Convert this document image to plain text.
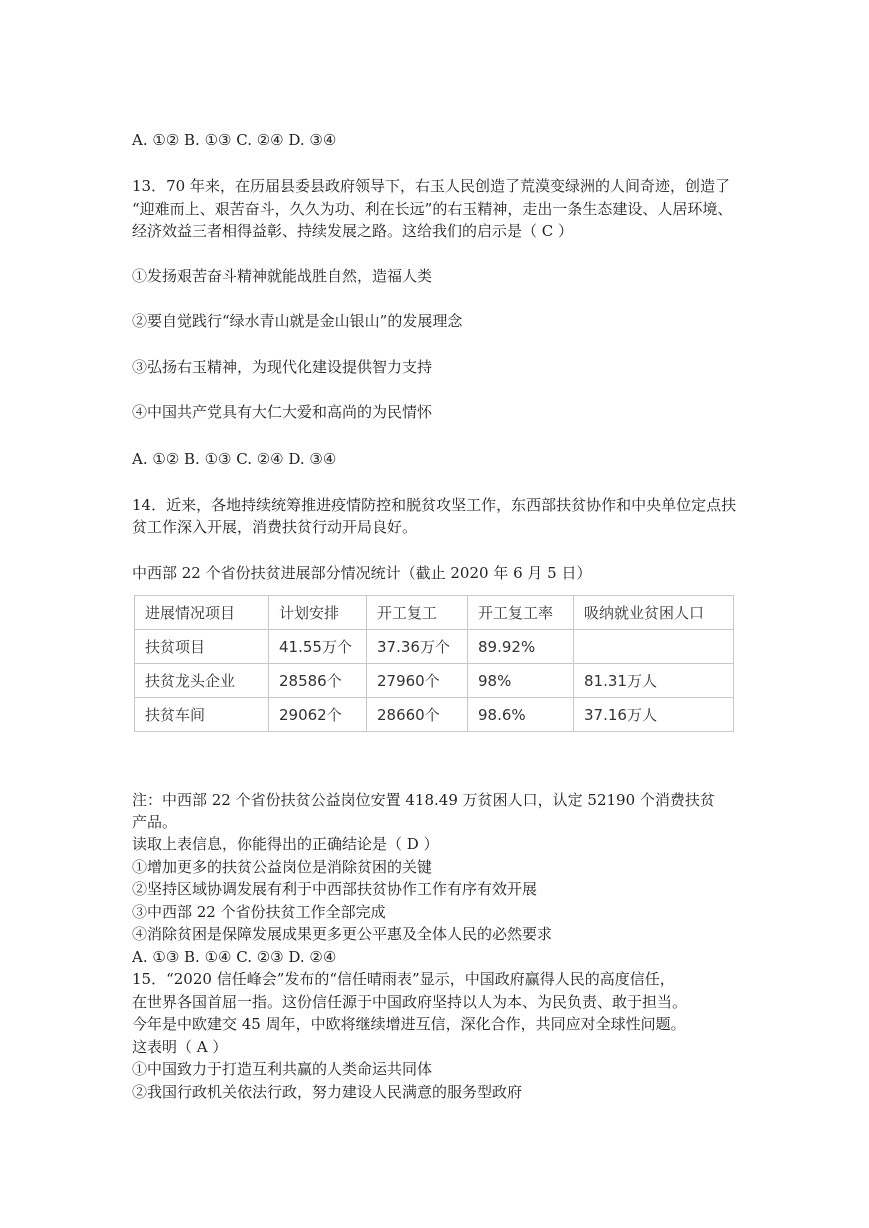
A. ①② B. ①③ C. ②④ D. ③④
13．70 年来，在历届县委县政府领导下，右玉人民创造了荒漠变绿洲的人间奇迹，创造了
“迎难而上、艰苦奋斗，久久为功、利在长远”的右玉精神，走出一条生态建设、人居环境、
经济效益三者相得益彰、持续发展之路。这给我们的启示是（ C ）
①发扬艰苦奋斗精神就能战胜自然，造福人类
②要自觉践行“绿水青山就是金山银山”的发展理念
③弘扬右玉精神，为现代化建设提供智力支持
④中国共产党具有大仁大爱和高尚的为民情怀
A. ①② B. ①③ C. ②④ D. ③④
14．近来，各地持续统筹推进疫情防控和脱贫攻坚工作，东西部扶贫协作和中央单位定点扶
贫工作深入开展，消费扶贫行动开局良好。
中西部 22 个省份扶贫进展部分情况统计（截止 2020 年 6 月 5 日）
进展情况项目	计划安排	开工复工	开工复工率	吸纳就业贫困人口
扶贫项目	41.55万个	37.36万个	89.92%	
扶贫龙头企业	28586个	27960个	98%	81.31万人
扶贫车间	29062个	28660个	98.6%	37.16万人
注：中西部 22 个省份扶贫公益岗位安置 418.49 万贫困人口，认定 52190 个消费扶贫
产品。
读取上表信息，你能得出的正确结论是（ D ）
①增加更多的扶贫公益岗位是消除贫困的关键
②坚持区域协调发展有利于中西部扶贫协作工作有序有效开展
③中西部 22 个省份扶贫工作全部完成
④消除贫困是保障发展成果更多更公平惠及全体人民的必然要求
A. ①③ B. ①④ C. ②③ D. ②④
15．“2020 信任峰会”发布的“信任晴雨表”显示，中国政府赢得人民的高度信任，
在世界各国首屈一指。这份信任源于中国政府坚持以人为本、为民负责、敢于担当。
今年是中欧建交 45 周年，中欧将继续增进互信，深化合作，共同应对全球性问题。
这表明（ A ）
①中国致力于打造互利共赢的人类命运共同体
②我国行政机关依法行政，努力建设人民满意的服务型政府
